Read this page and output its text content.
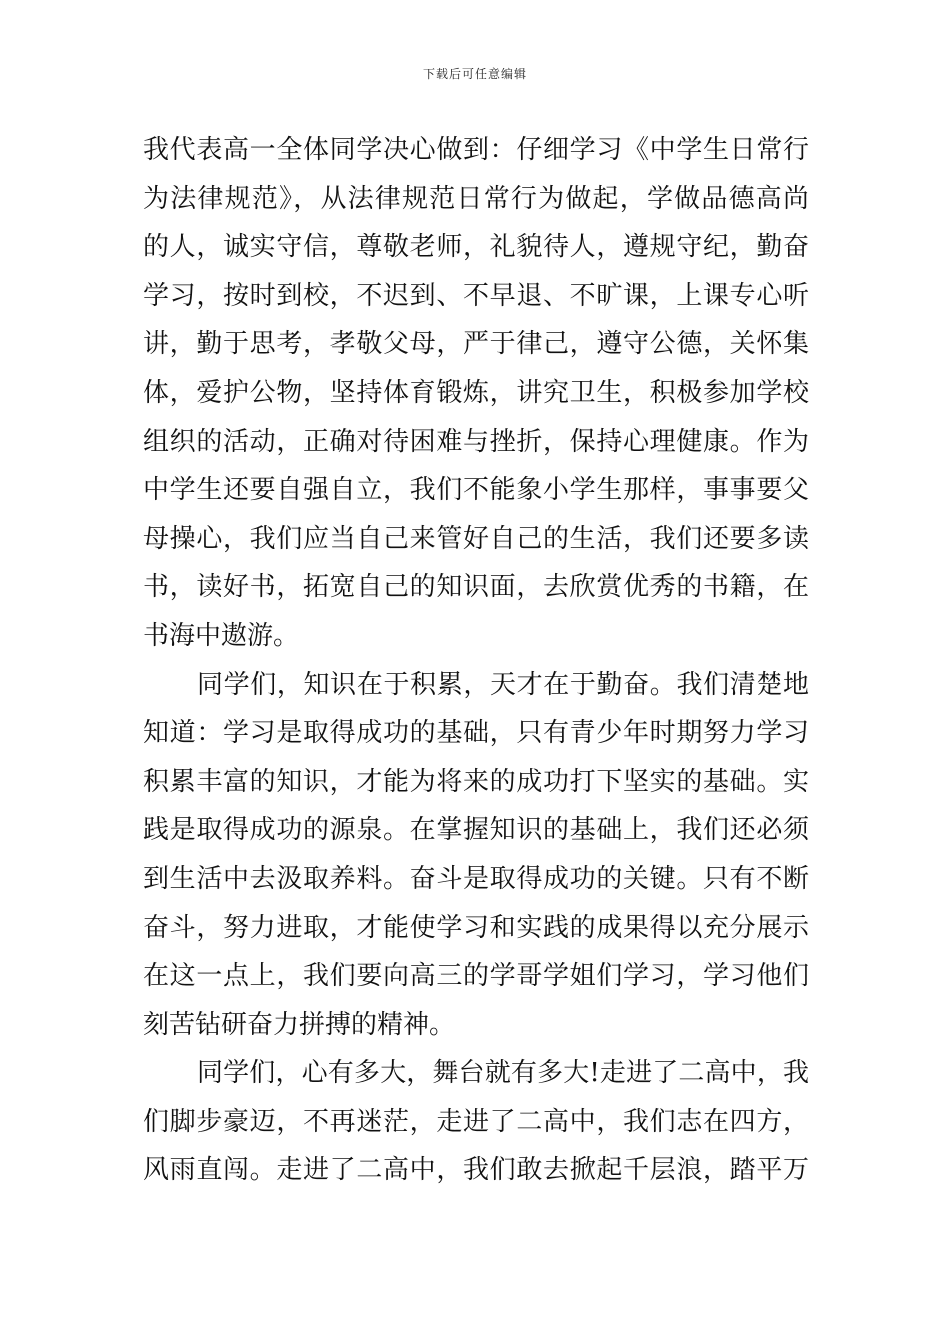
下载后可任意编辑
我代表高一全体同学决心做到：仔细学习《中学生日常行
为法律规范》，从法律规范日常行为做起，学做品德高尚
的人，诚实守信，尊敬老师，礼貌待人，遵规守纪，勤奋
学习，按时到校，不迟到、不早退、不旷课，上课专心听
讲，勤于思考，孝敬父母，严于律己，遵守公德，关怀集
体，爱护公物，坚持体育锻炼，讲究卫生，积极参加学校
组织的活动，正确对待困难与挫折，保持心理健康。作为
中学生还要自强自立，我们不能象小学生那样，事事要父
母操心，我们应当自己来管好自己的生活，我们还要多读
书，读好书，拓宽自己的知识面，去欣赏优秀的书籍，在
书海中遨游。
同学们，知识在于积累，天才在于勤奋。我们清楚地
知道：学习是取得成功的基础，只有青少年时期努力学习
积累丰富的知识，才能为将来的成功打下坚实的基础。实
践是取得成功的源泉。在掌握知识的基础上，我们还必须
到生活中去汲取养料。奋斗是取得成功的关键。只有不断
奋斗，努力进取，才能使学习和实践的成果得以充分展示
在这一点上，我们要向高三的学哥学姐们学习，学习他们
刻苦钻研奋力拼搏的精神。
同学们，心有多大，舞台就有多大!走进了二高中，我
们脚步豪迈，不再迷茫，走进了二高中，我们志在四方，
风雨直闯。走进了二高中，我们敢去掀起千层浪，踏平万
